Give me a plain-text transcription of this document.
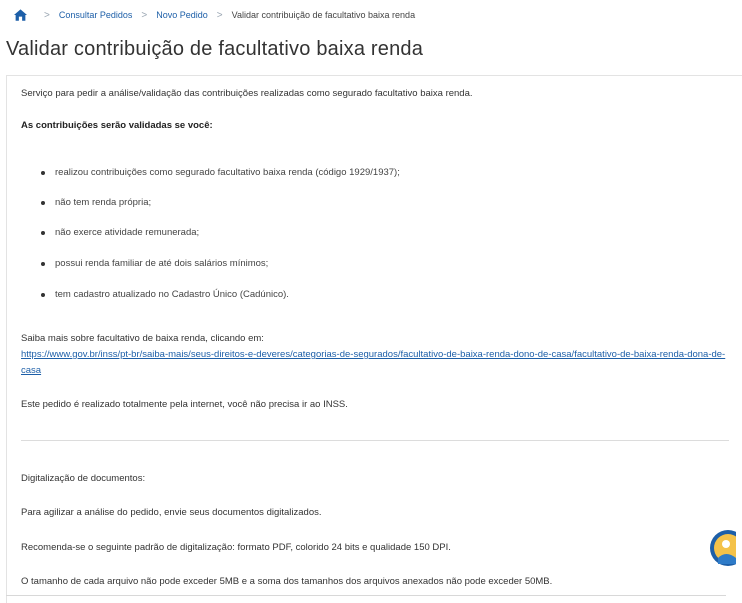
> Consultar Pedidos > Novo Pedido > Validar contribuição de facultativo baixa renda
Validar contribuição de facultativo baixa renda
Serviço para pedir a análise/validação das contribuições realizadas como segurado facultativo baixa renda.
As contribuições serão validadas se você:
realizou contribuições como segurado facultativo baixa renda (código 1929/1937);
não tem renda própria;
não exerce atividade remunerada;
possui renda familiar de até dois salários mínimos;
tem cadastro atualizado no Cadastro Único (Cadúnico).
Saiba mais sobre facultativo de baixa renda, clicando em:
https://www.gov.br/inss/pt-br/saiba-mais/seus-direitos-e-deveres/categorias-de-segurados/facultativo-de-baixa-renda-dono-de-casa/facultativo-de-baixa-renda-dona-de-casa
Este pedido é realizado totalmente pela internet, você não precisa ir ao INSS.
Digitalização de documentos:
Para agilizar a análise do pedido, envie seus documentos digitalizados.
Recomenda-se o seguinte padrão de digitalização: formato PDF, colorido 24 bits e qualidade 150 DPI.
O tamanho de cada arquivo não pode exceder 5MB e a soma dos tamanhos dos arquivos anexados não pode exceder 50MB.
